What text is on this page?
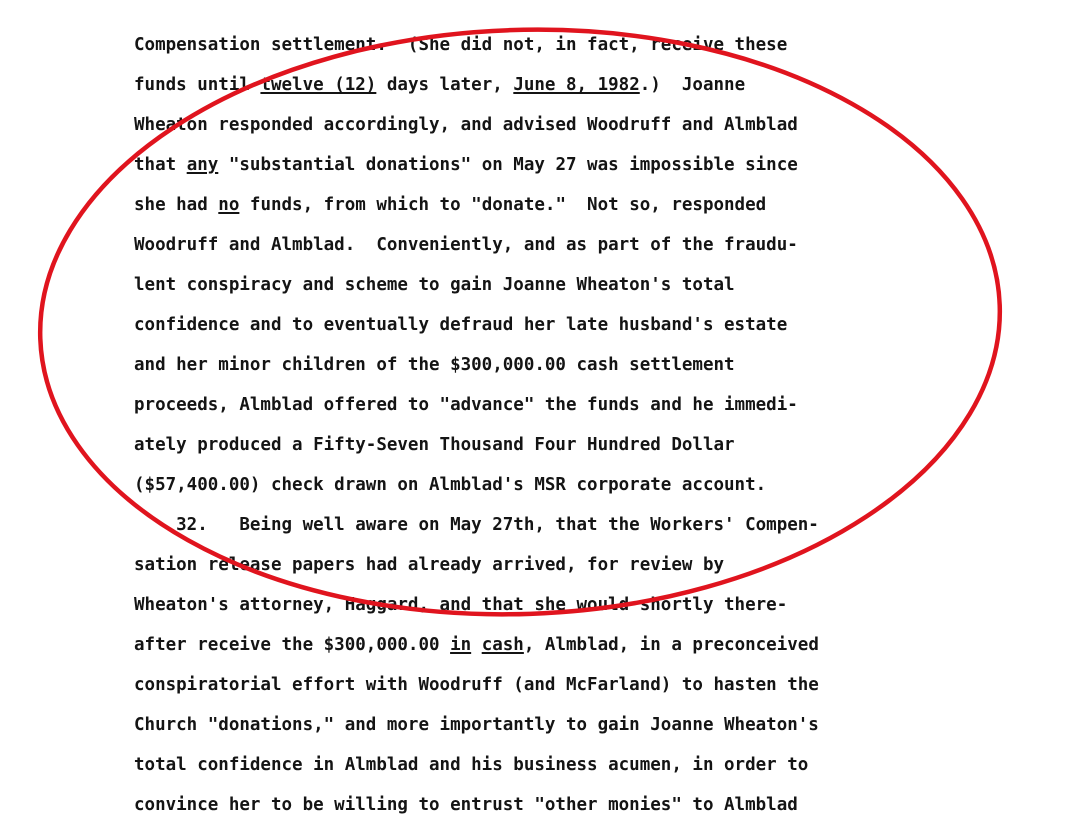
Compensation settlement.  (She did not, in fact, receive these
funds until twelve (12) days later, June 8, 1982.)  Joanne
Wheaton responded accordingly, and advised Woodruff and Almblad
that any "substantial donations" on May 27 was impossible since
she had no funds, from which to "donate."  Not so, responded
Woodruff and Almblad.  Conveniently, and as part of the fraudu-
lent conspiracy and scheme to gain Joanne Wheaton's total
confidence and to eventually defraud her late husband's estate
and her minor children of the $300,000.00 cash settlement
proceeds, Almblad offered to "advance" the funds and he immedi-
ately produced a Fifty-Seven Thousand Four Hundred Dollar
($57,400.00) check drawn on Almblad's MSR corporate account.
32.   Being well aware on May 27th, that the Workers' Compen-
sation release papers had already arrived, for review by
Wheaton's attorney, Haggard, and that she would shortly there-
after receive the $300,000.00 in cash, Almblad, in a preconceived
conspiratorial effort with Woodruff (and McFarland) to hasten the
Church "donations," and more importantly to gain Joanne Wheaton's
total confidence in Almblad and his business acumen, in order to
convince her to be willing to entrust "other monies" to Almblad
